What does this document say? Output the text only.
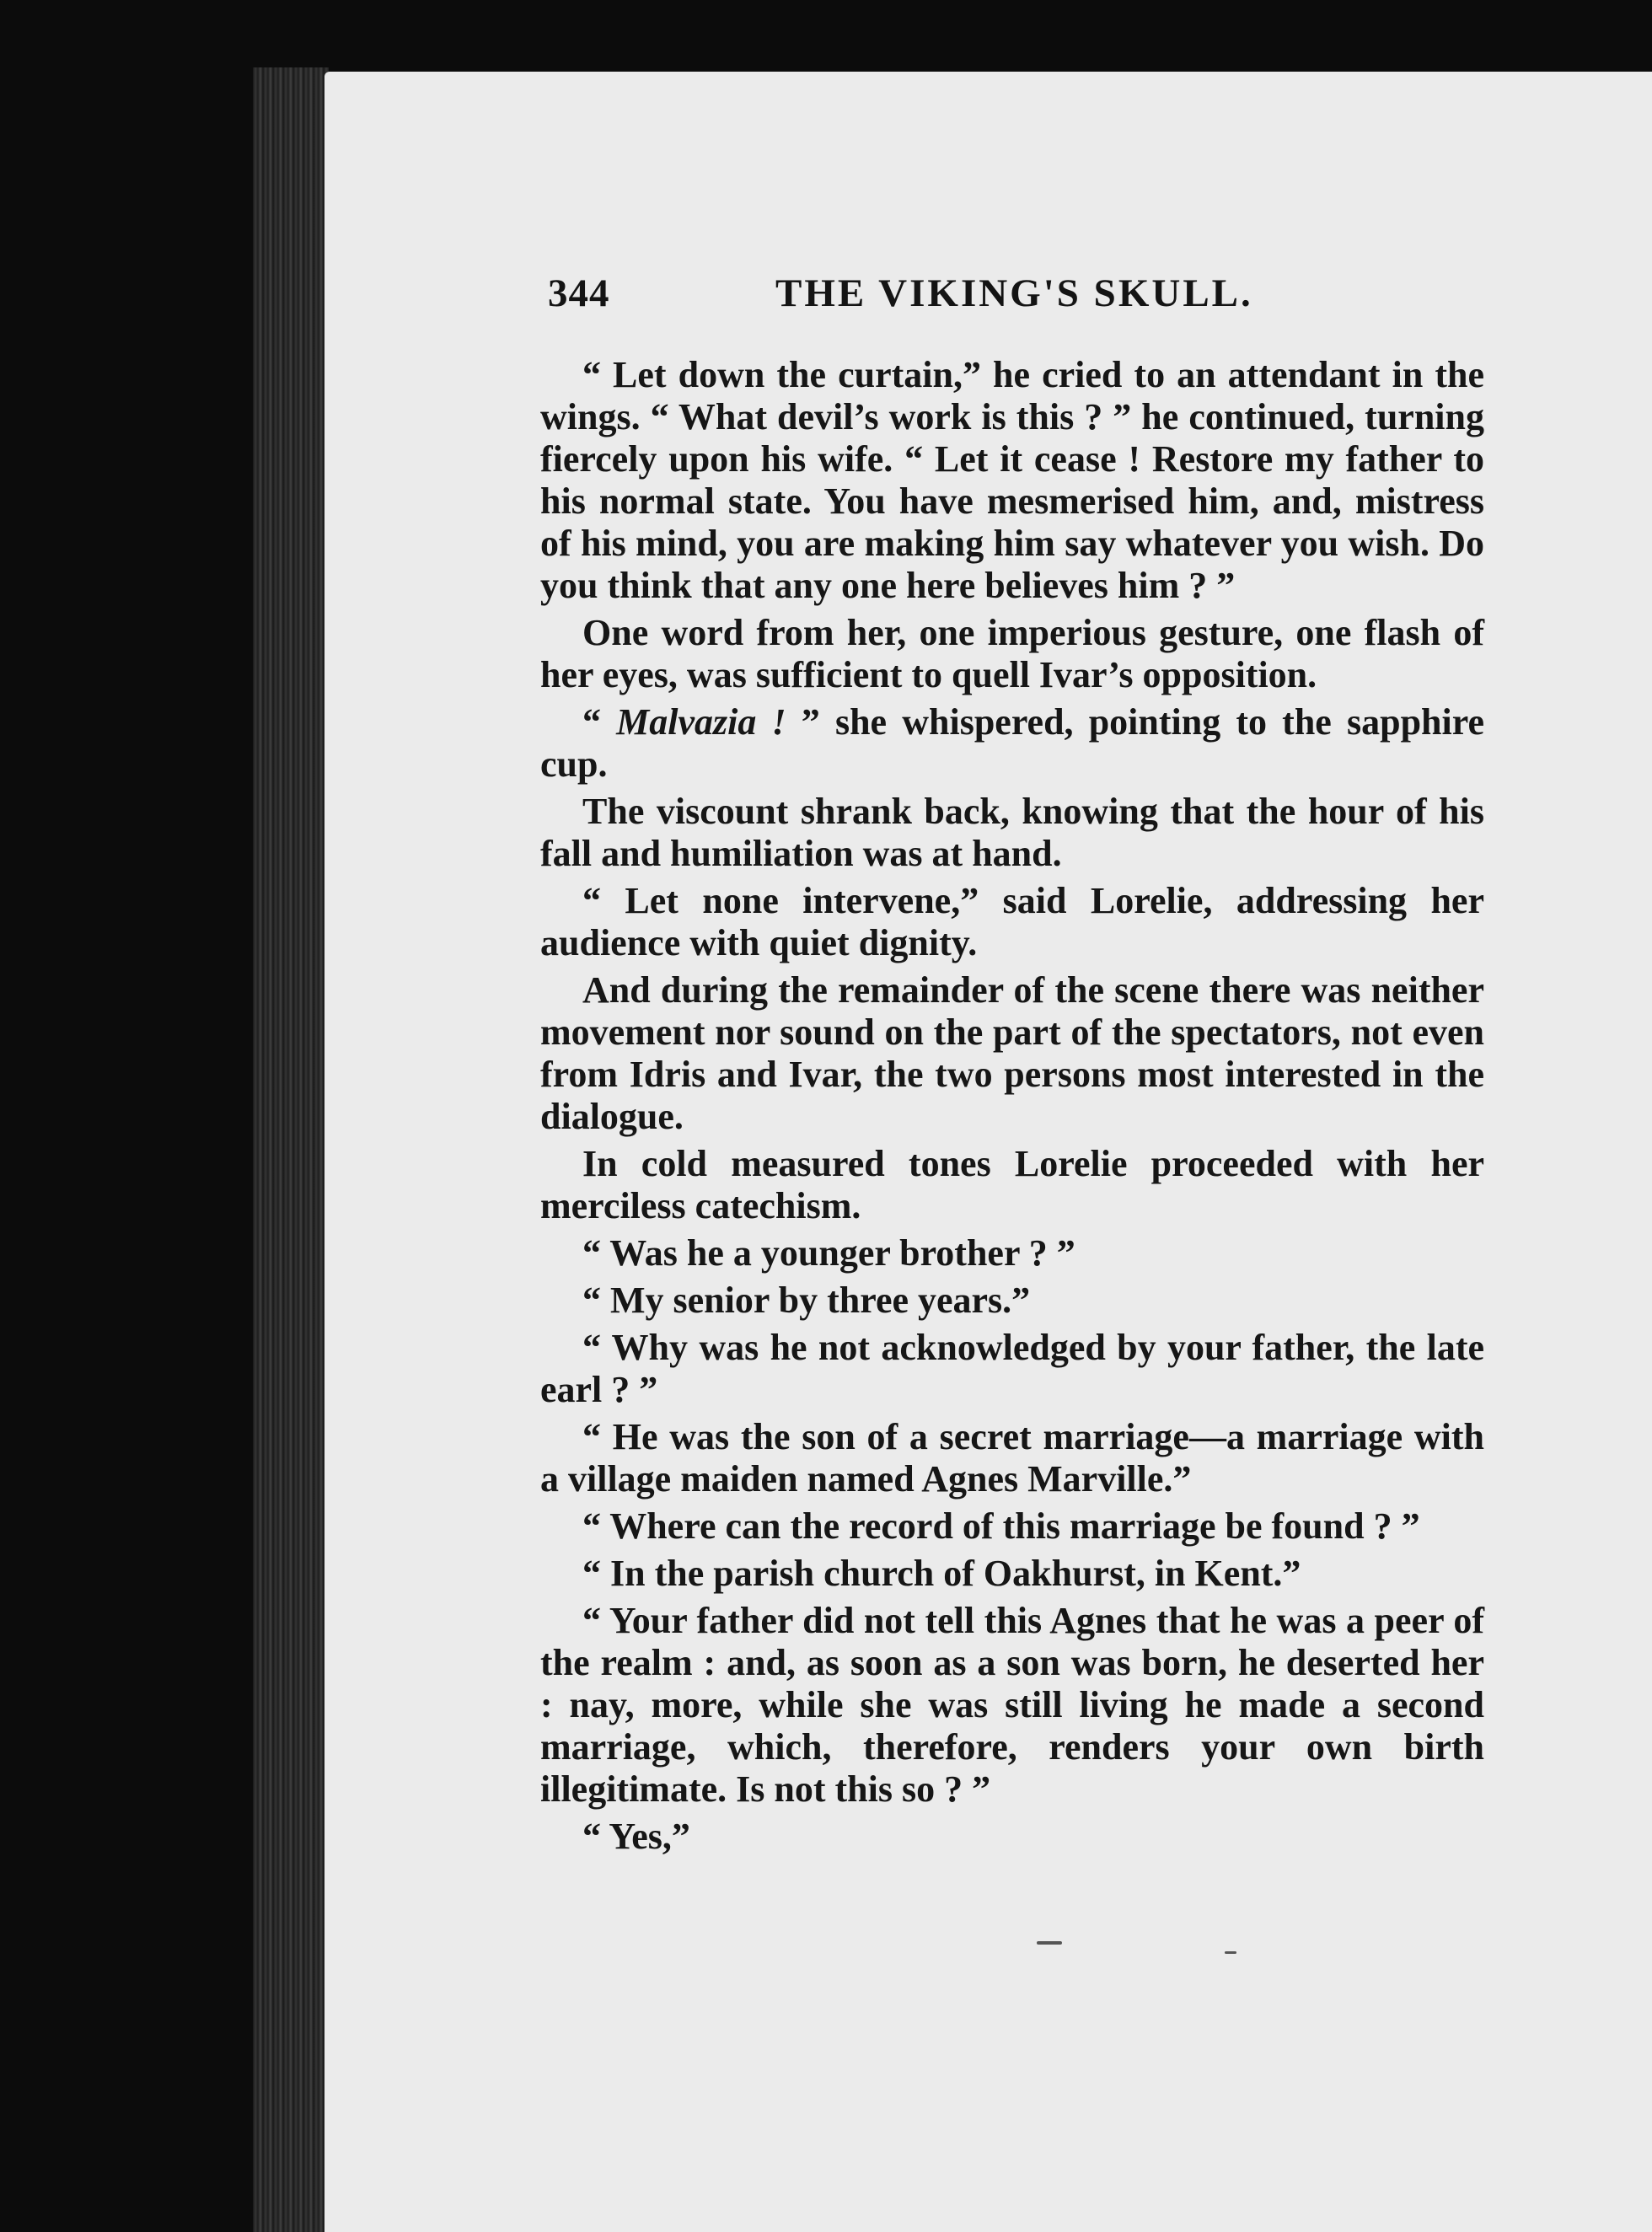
344	THE VIKING'S SKULL.

“ Let down the curtain,” he cried to an attendant in the wings. “ What devil’s work is this ? ” he continued, turning fiercely upon his wife. “ Let it cease ! Restore my father to his normal state. You have mesmerised him, and, mistress of his mind, you are making him say whatever you wish. Do you think that any one here believes him ? ”

One word from her, one imperious gesture, one flash of her eyes, was sufficient to quell Ivar’s opposition.

“ Malvazia ! ” she whispered, pointing to the sapphire cup.

The viscount shrank back, knowing that the hour of his fall and humiliation was at hand.

“ Let none intervene,” said Lorelie, addressing her audience with quiet dignity.

And during the remainder of the scene there was neither movement nor sound on the part of the spectators, not even from Idris and Ivar, the two persons most interested in the dialogue.

In cold measured tones Lorelie proceeded with her merciless catechism.

“ Was he a younger brother ? ”

“ My senior by three years.”

“ Why was he not acknowledged by your father, the late earl ? ”

“ He was the son of a secret marriage—a marriage with a village maiden named Agnes Marville.”

“ Where can the record of this marriage be found ? ”

“ In the parish church of Oakhurst, in Kent.”

“ Your father did not tell this Agnes that he was a peer of the realm : and, as soon as a son was born, he deserted her : nay, more, while she was still living he made a second marriage, which, therefore, renders your own birth illegitimate. Is not this so ? ”

“ Yes,”
